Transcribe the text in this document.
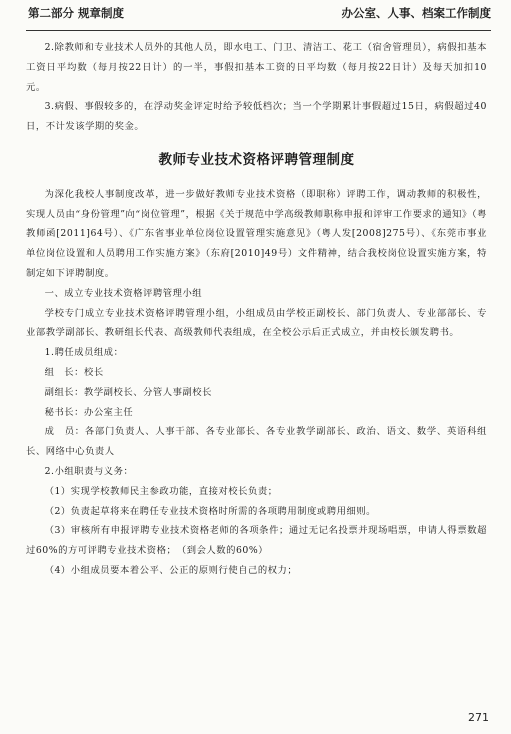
第二部分 规章制度	办公室、人事、档案工作制度

2.除教师和专业技术人员外的其他人员，即水电工、门卫、清洁工、花工（宿舍管理员），病假扣基本工资日平均数（每月按22日计）的一半，事假扣基本工资的日平均数（每月按22日计）及每天加扣10元。

3.病假、事假较多的，在浮动奖金评定时给予较低档次；当一个学期累计事假超过15日，病假超过40日，不计发该学期的奖金。

教师专业技术资格评聘管理制度

为深化我校人事制度改革，进一步做好教师专业技术资格（即职称）评聘工作，调动教师的积极性，实现人员由“身份管理”向“岗位管理”，根据《关于规范中学高级教师职称申报和评审工作要求的通知》（粤教师函[2011]64号）、《广东省事业单位岗位设置管理实施意见》（粤人发[2008]275号）、《东莞市事业单位岗位设置和人员聘用工作实施方案》（东府[2010]49号）文件精神，结合我校岗位设置实施方案，特制定如下评聘制度。

一、成立专业技术资格评聘管理小组

学校专门成立专业技术资格评聘管理小组，小组成员由学校正副校长、部门负责人、专业部部长、专业部教学副部长、教研组长代表、高级教师代表组成，在全校公示后正式成立，并由校长颁发聘书。

1.聘任成员组成：

组　长：校长

副组长：教学副校长、分管人事副校长

秘书长：办公室主任

成　员：各部门负责人、人事干部、各专业部长、各专业教学副部长、政治、语文、数学、英语科组长、网络中心负责人

2.小组职责与义务：

（1）实现学校教师民主参政功能，直接对校长负责；

（2）负责起草将来在聘任专业技术资格时所需的各项聘用制度或聘用细则。

（3）审核所有申报评聘专业技术资格老师的各项条件；通过无记名投票并现场唱票，申请人得票数超过60%的方可评聘专业技术资格；　（到会人数的60%）

（4）小组成员要本着公平、公正的原则行使自己的权力；

271
